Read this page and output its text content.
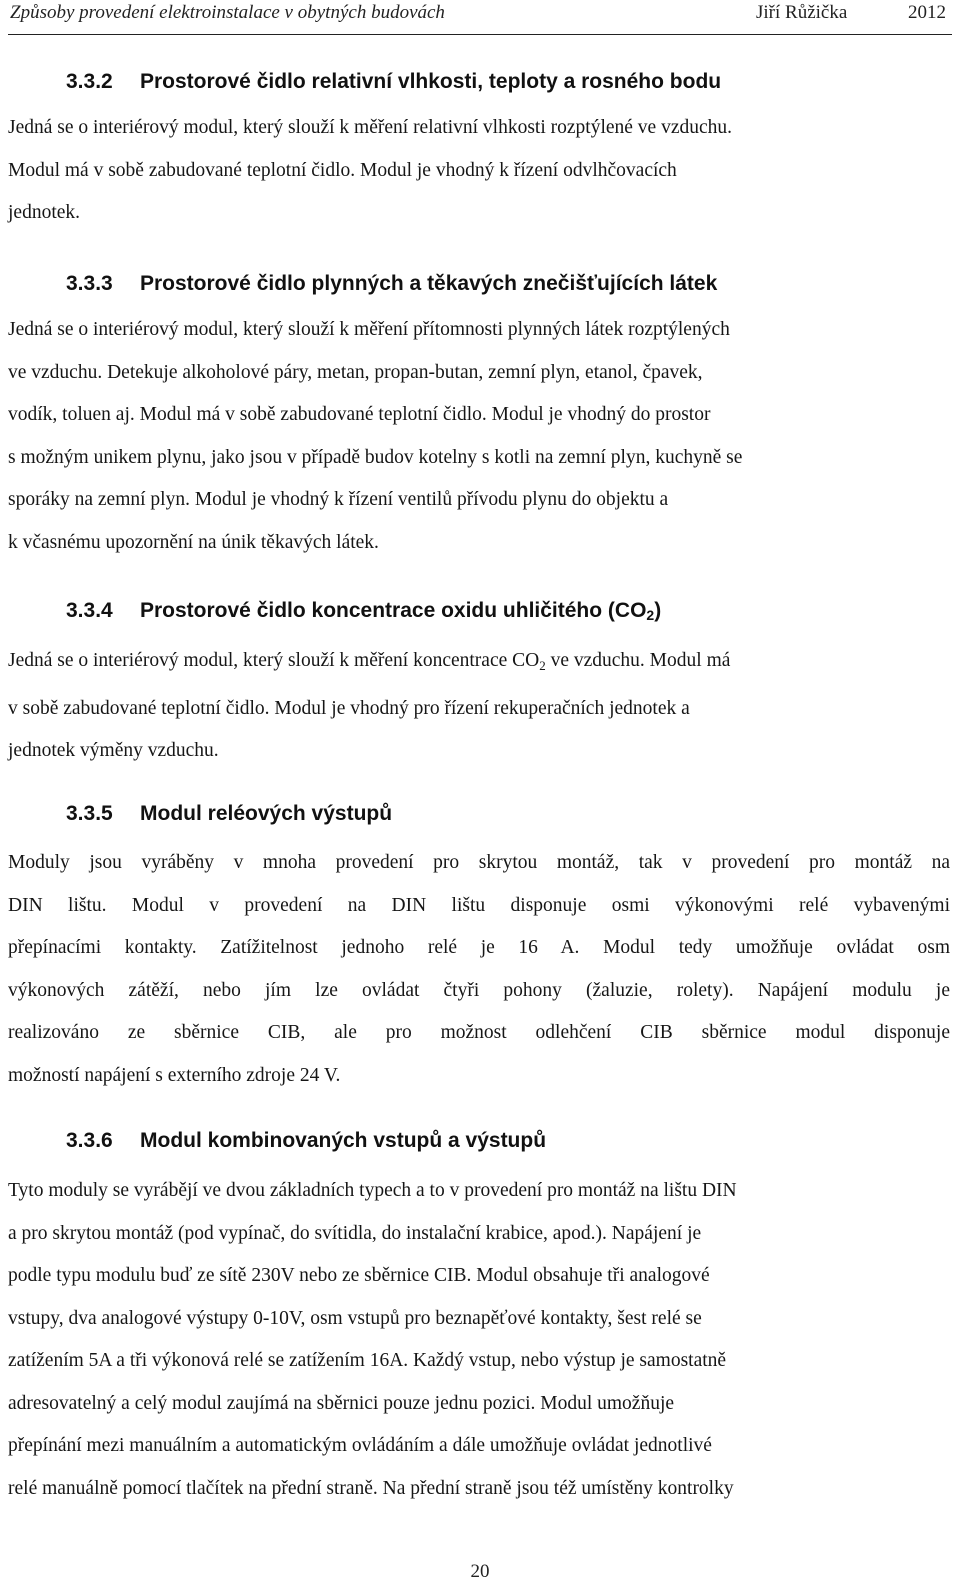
Způsoby provedení elektroinstalace v obytných budovách	Jiří Růžička	2012
3.3.2 Prostorové čidlo relativní vlhkosti, teploty a rosného bodu
Jedná se o interiérový modul, který slouží k měření relativní vlhkosti rozptýlené ve vzduchu.
Modul má v sobě zabudované teplotní čidlo. Modul je vhodný k řízení odvlhčovacích
jednotek.
3.3.3 Prostorové čidlo plynných a těkavých znečišťujících látek
Jedná se o interiérový modul, který slouží k měření přítomnosti plynných látek rozptýlených
ve vzduchu. Detekuje alkoholové páry, metan, propan-butan, zemní plyn, etanol, čpavek,
vodík, toluen aj. Modul má v sobě zabudované teplotní čidlo. Modul je vhodný do prostor
s možným unikem plynu, jako jsou v případě budov kotelny s kotli na zemní plyn, kuchyně se
sporáky na zemní plyn. Modul je vhodný k řízení ventilů přívodu plynu do objektu a
k včasnému upozornění na únik těkavých látek.
3.3.4 Prostorové čidlo koncentrace oxidu uhličitého $(CO_2)$
Jedná se o interiérový modul, který slouží k měření koncentrace $CO_2$ ve vzduchu. Modul má
v sobě zabudované teplotní čidlo. Modul je vhodný pro řízení rekuperačních jednotek a
jednotek výměny vzduchu.
3.3.5 Modul reléových výstupů
Moduly jsou vyráběny v mnoha provedení pro skrytou montáž, tak v provedení pro montáž na
DIN lištu. Modul v provedení na DIN lištu disponuje osmi výkonovými relé vybavenými
přepínacími kontakty. Zatížitelnost jednoho relé je 16 A. Modul tedy umožňuje ovládat osm
výkonových zátěží, nebo jím lze ovládat čtyři pohony (žaluzie, rolety). Napájení modulu je
realizováno ze sběrnice CIB, ale pro možnost odlehčení CIB sběrnice modul disponuje
možností napájení s externího zdroje 24 V.
3.3.6 Modul kombinovaných vstupů a výstupů
Tyto moduly se vyrábějí ve dvou základních typech a to v provedení pro montáž na lištu DIN
a pro skrytou montáž (pod vypínač, do svítidla, do instalační krabice, apod.). Napájení je
podle typu modulu buď ze sítě 230V nebo ze sběrnice CIB. Modul obsahuje tři analogové
vstupy, dva analogové výstupy 0-10V, osm vstupů pro beznapěťové kontakty, šest relé se
zatížením 5A a tři výkonová relé se zatížením 16A. Každý vstup, nebo výstup je samostatně
adresovatelný a celý modul zaujímá na sběrnici pouze jednu pozici. Modul umožňuje
přepínání mezi manuálním a automatickým ovládáním a dále umožňuje ovládat jednotlivé
relé manuálně pomocí tlačítek na přední straně. Na přední straně jsou též umístěny kontrolky
20
